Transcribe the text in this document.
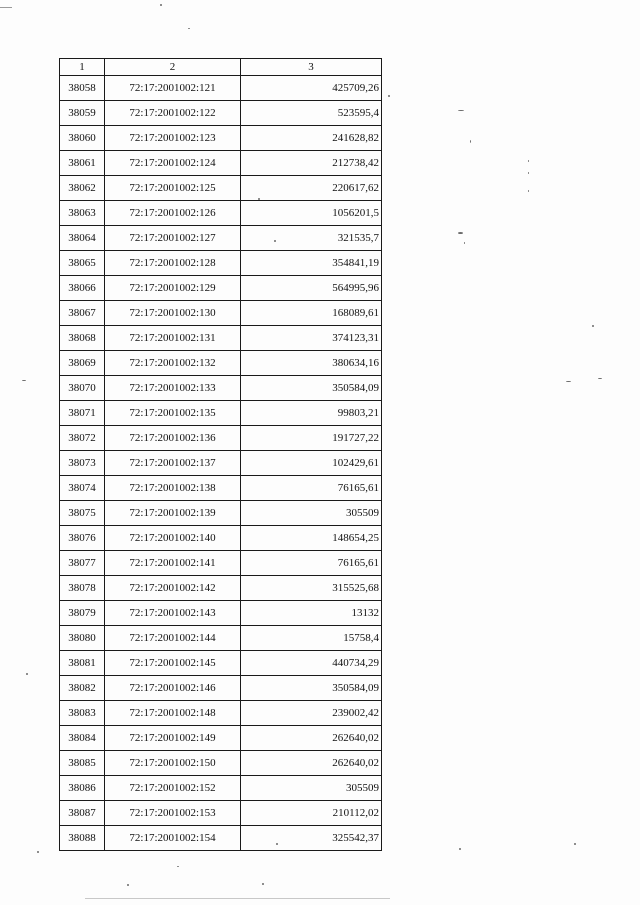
1	2	3
38058	72:17:2001002:121	425709,26
38059	72:17:2001002:122	523595,4
38060	72:17:2001002:123	241628,82
38061	72:17:2001002:124	212738,42
38062	72:17:2001002:125	220617,62
38063	72:17:2001002:126	1056201,5
38064	72:17:2001002:127	321535,7
38065	72:17:2001002:128	354841,19
38066	72:17:2001002:129	564995,96
38067	72:17:2001002:130	168089,61
38068	72:17:2001002:131	374123,31
38069	72:17:2001002:132	380634,16
38070	72:17:2001002:133	350584,09
38071	72:17:2001002:135	99803,21
38072	72:17:2001002:136	191727,22
38073	72:17:2001002:137	102429,61
38074	72:17:2001002:138	76165,61
38075	72:17:2001002:139	305509
38076	72:17:2001002:140	148654,25
38077	72:17:2001002:141	76165,61
38078	72:17:2001002:142	315525,68
38079	72:17:2001002:143	13132
38080	72:17:2001002:144	15758,4
38081	72:17:2001002:145	440734,29
38082	72:17:2001002:146	350584,09
38083	72:17:2001002:148	239002,42
38084	72:17:2001002:149	262640,02
38085	72:17:2001002:150	262640,02
38086	72:17:2001002:152	305509
38087	72:17:2001002:153	210112,02
38088	72:17:2001002:154	325542,37
